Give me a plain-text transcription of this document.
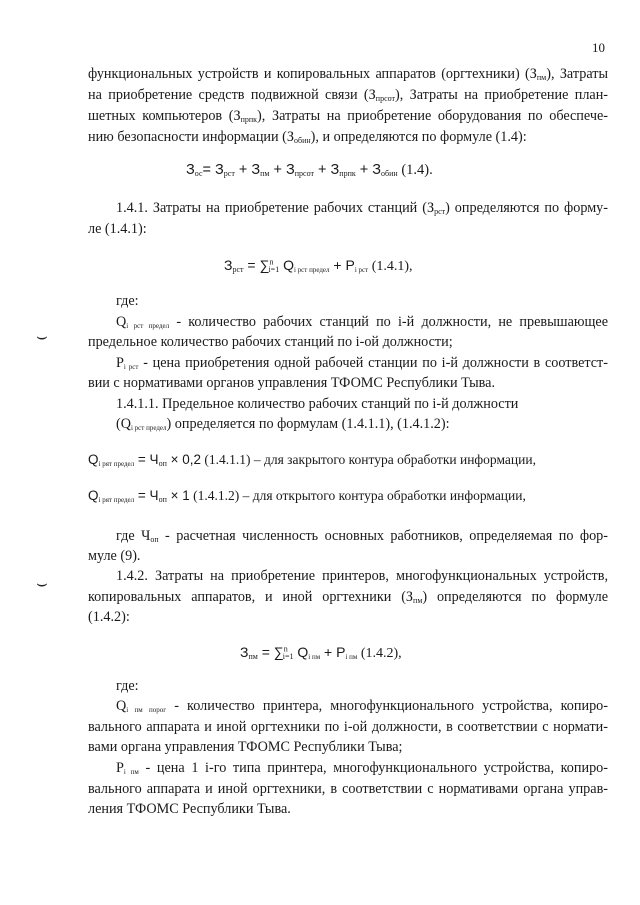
10
функциональных устройств и копировальных аппаратов (оргтехники) $(З_{пм})$, Затраты
на приобретение средств подвижной связи $(З_{прсот})$, Затраты на приобретение план-
шетных компьютеров $(З_{прпк})$, Затраты на приобретение оборудования по обеспече-
нию безопасности информации $(З_{обин})$, и определяются по формуле (1.4):
$З_{ос}= З_{рст} + З_{пм} + З_{прсот} + З_{прпк} + З_{обин}$ (1.4).
1.4.1. Затраты на приобретение рабочих станций $(З_{рст})$ определяются по форму-
ле (1.4.1):
$З_{рст} = \sum^n_{i=1}$ $Q_{i рст предел} + P_{i рст}$ (1.4.1),
где:
$Q_{i рст предел}$ - количество рабочих станций по i-й должности, не превышающее
предельное количество рабочих станций по i-ой должности;
⌣
$P_{i рст}$ - цена приобретения одной рабочей станции по i-й должности в соответст-
вии с нормативами органов управления ТФОМС Республики Тыва.
1.4.1.1. Предельное количество рабочих станций по i-й должности
$(Q_{i рст предел})$ определяется по формулам (1.4.1.1), (1.4.1.2):
$Q_{i рят предел} = Ч_{оп} \times 0,2$ (1.4.1.1) – для закрытого контура обработки информации,
$Q_{i рят предел} = Ч_{оп} \times 1$ (1.4.1.2) – для открытого контура обработки информации,
где $Ч_{оп}$ - расчетная численность основных работников, определяемая по фор-
муле (9).
⌣	1.4.2. Затраты на приобретение принтеров, многофункциональных устройств,
копировальных аппаратов, и иной оргтехники $(З_{пм})$ определяются по формуле
(1.4.2):
$З_{пм} = \sum^n_{i=1}$ $Q_{i пм} + P_{i пм}$ (1.4.2),
где:
$Q_{i пм порог}$ - количество принтера, многофункционального устройства, копиро-
вального аппарата и иной оргтехники по i-ой должности, в соответствии с нормати-
вами органа управления ТФОМС Республики Тыва;
$P_{i пм}$ - цена 1 i-го типа принтера, многофункционального устройства, копиро-
вального аппарата и иной оргтехники, в соответствии с нормативами органа управ-
ления ТФОМС Республики Тыва.
